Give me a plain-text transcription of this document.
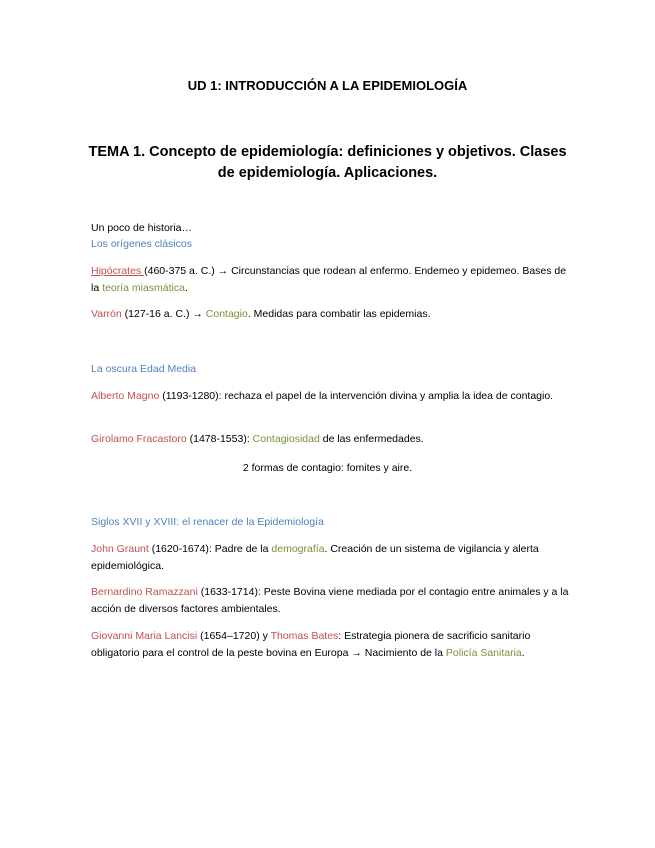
UD 1: INTRODUCCIÓN A LA EPIDEMIOLOGÍA
TEMA 1. Concepto de epidemiología: definiciones y objetivos. Clases de epidemiología. Aplicaciones.
Un poco de historia…
Los orígenes clásicos
Hipócrates (460-375 a. C.) → Circunstancias que rodean al enfermo. Endemeo y epidemeo. Bases de la teoría miasmática.
Varrón (127-16 a. C.) → Contagio. Medidas para combatir las epidemias.
La oscura Edad Media
Alberto Magno (1193-1280): rechaza el papel de la intervención divina y amplia la idea de contagio.
Girolamo Fracastoro (1478-1553): Contagiosidad de las enfermedades.
2 formas de contagio: fomites y aire.
Siglos XVII y XVIII: el renacer de la Epidemiología
John Graunt (1620-1674): Padre de la demografía. Creación de un sistema de vigilancia y alerta epidemiológica.
Bernardino Ramazzani (1633-1714): Peste Bovina viene mediada por el contagio entre animales y a la acción de diversos factores ambientales.
Giovanni Maria Lancisi (1654–1720) y Thomas Bates: Estrategia pionera de sacrificio sanitario obligatorio para el control de la peste bovina en Europa → Nacimiento de la Policía Sanitaria.
